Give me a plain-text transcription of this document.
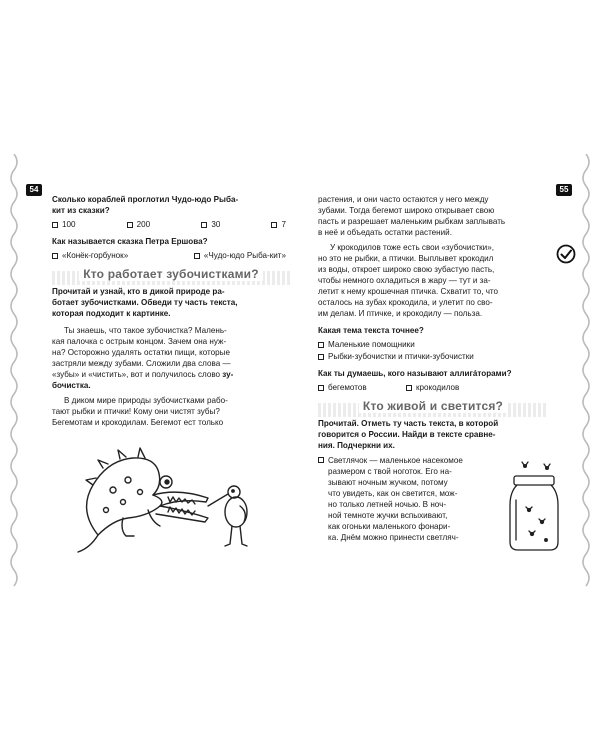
54	55

Сколько кораблей проглотил Чудо-юдо Рыба-
кит из сказки?

100	200	30	7

Как называется сказка Петра Ершова?

«Конёк-горбунок»	«Чудо-юдо Рыба-кит»
Кто работает зубочистками?

Прочитай и узнай, кто в дикой природе ра-
ботает зубочистками. Обведи ту часть текста,
которая подходит к картинке.

Ты знаешь, что такое зубочистка? Малень-
кая палочка с острым концом. Зачем она нуж-
на? Осторожно удалять остатки пищи, которые
застряли между зубами. Сложили два слова —
«зубы» и «чистить», вот и получилось слово зу-
бочистка.

В диком мире природы зубочистками рабо-
тают рыбки и птички! Кому они чистят зубы?
Бегемотам и крокодилам. Бегемот ест только

растения, и они часто остаются у него между
зубами. Тогда бегемот широко открывает свою
пасть и разрешает маленьким рыбкам заплывать
в неё и объедать остатки растений.

У крокодилов тоже есть свои «зубочистки»,
но это не рыбки, а птички. Выплывет крокодил
из воды, откроет широко свою зубастую пасть,
чтобы немного охладиться в жару — тут и за-
летит к нему крошечная птичка. Схватит то, что
осталось на зубах крокодила, и улетит по сво-
им делам. И птичке, и крокодилу — польза.

Какая тема текста точнее?

Маленькие помощники
Рыбки-зубочистки и птички-зубочистки

Как ты думаешь, кого называют аллигáторами?

бегемотов	крокодилов
Кто живой и светится?

Прочитай. Отметь ту часть текста, в которой
говорится о России. Найди в тексте сравне-
ния. Подчеркни их.

Светлячок — маленькое насекомое
размером с твой ноготок. Его на-
зывают ночным жучком, потому
что увидеть, как он светится, мож-
но только летней ночью. В ноч-
ной темноте жучки вспыхивают,
как огоньки маленького фонари-
ка. Днём можно принести светляч-
